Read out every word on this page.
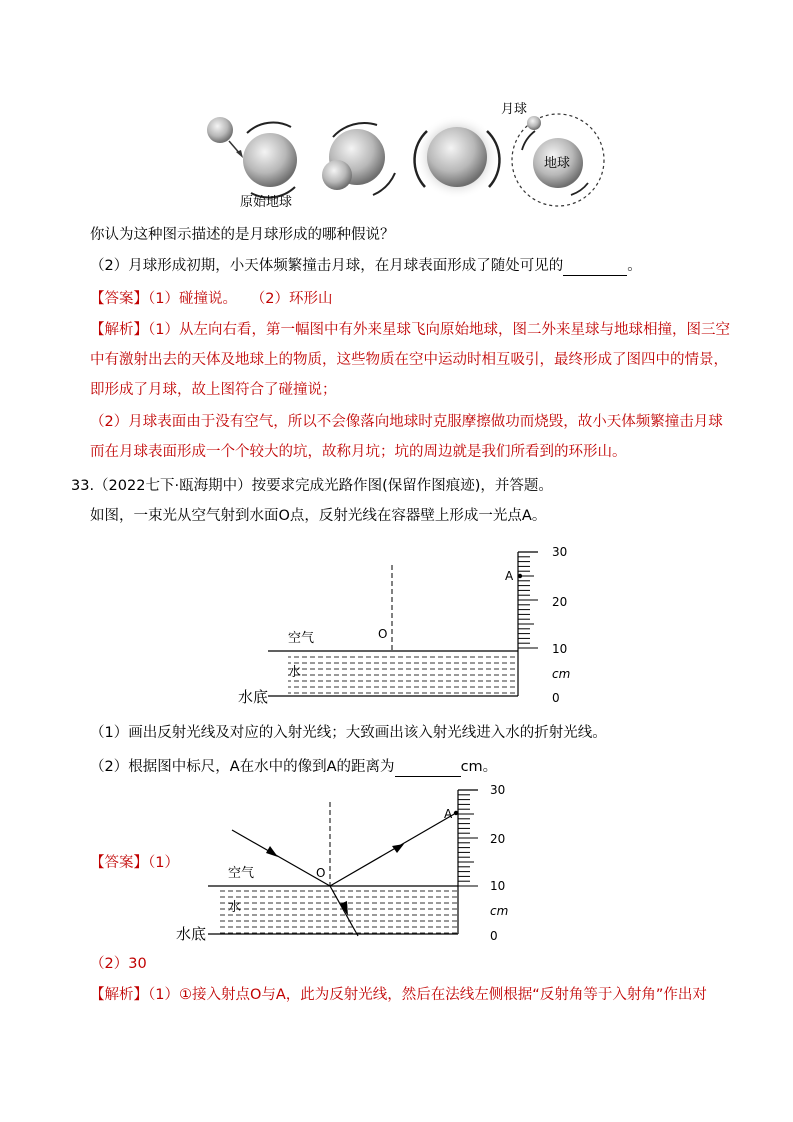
原始地球
月球
地球
你认为这种图示描述的是月球形成的哪种假说？
（2）月球形成初期，小天体频繁撞击月球，在月球表面形成了随处可见的	。
【答案】（1）碰撞说。   （2）环形山
【解析】（1）从左向右看，第一幅图中有外来星球飞向原始地球，图二外来星球与地球相撞，图三空
中有激射出去的天体及地球上的物质，这些物质在空中运动时相互吸引，最终形成了图四中的情景，
即形成了月球，故上图符合了碰撞说；
（2）月球表面由于没有空气，所以不会像落向地球时克服摩擦做功而烧毁，故小天体频繁撞击月球
而在月球表面形成一个个较大的坑，故称月坑；坑的周边就是我们所看到的环形山。
33.（2022七下·瓯海期中）按要求完成光路作图(保留作图痕迹)，并答题。
如图，一束光从空气射到水面O点，反射光线在容器壁上形成一光点A。
30
20
10
0
cm
A
O
空气
水
水底
（1）画出反射光线及对应的入射光线；大致画出该入射光线进入水的折射光线。
（2）根据图中标尺，A在水中的像到A的距离为	cm。
【答案】（1）
30
20
10
0
cm
A
O
空气
水
水底
（2）30
【解析】（1）①接入射点O与A，此为反射光线，然后在法线左侧根据“反射角等于入射角”作出对
